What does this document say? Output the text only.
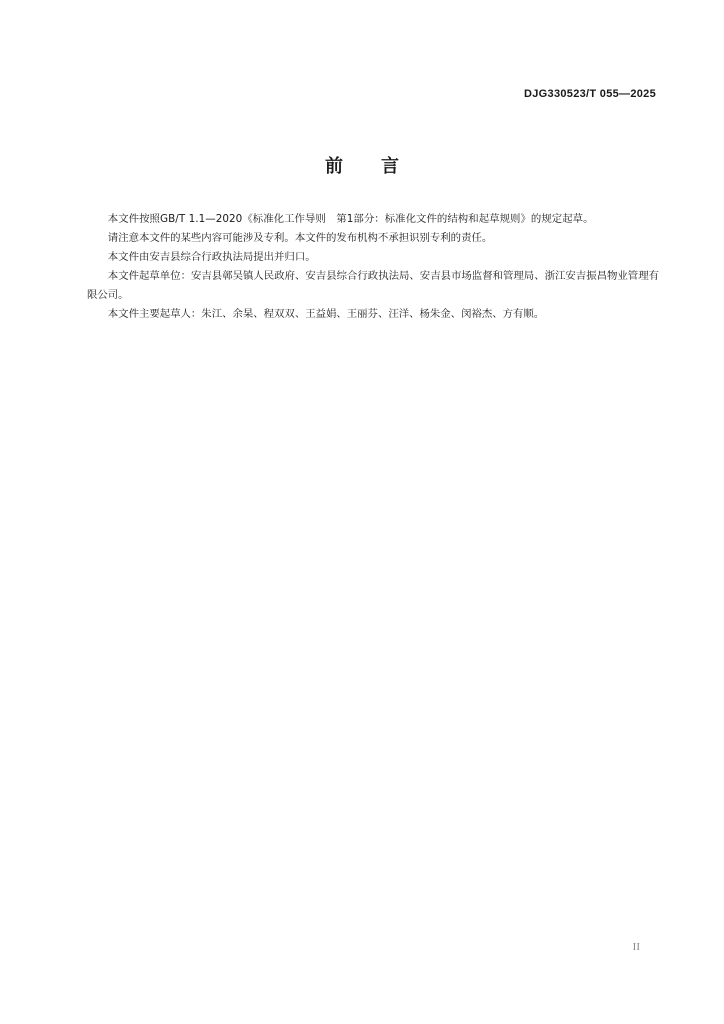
DJG330523/T 055—2025
前言

本文件按照GB/T 1.1—2020《标准化工作导则　第1部分：标准化文件的结构和起草规则》的规定起草。

请注意本文件的某些内容可能涉及专利。本文件的发布机构不承担识别专利的责任。

本文件由安吉县综合行政执法局提出并归口。

本文件起草单位：安吉县鄣吴镇人民政府、安吉县综合行政执法局、安吉县市场监督和管理局、浙江安吉振昌物业管理有限公司。

本文件主要起草人：朱江、余杲、程双双、王益娟、王丽芬、汪洋、杨朱金、闵裕杰、方有顺。

II
